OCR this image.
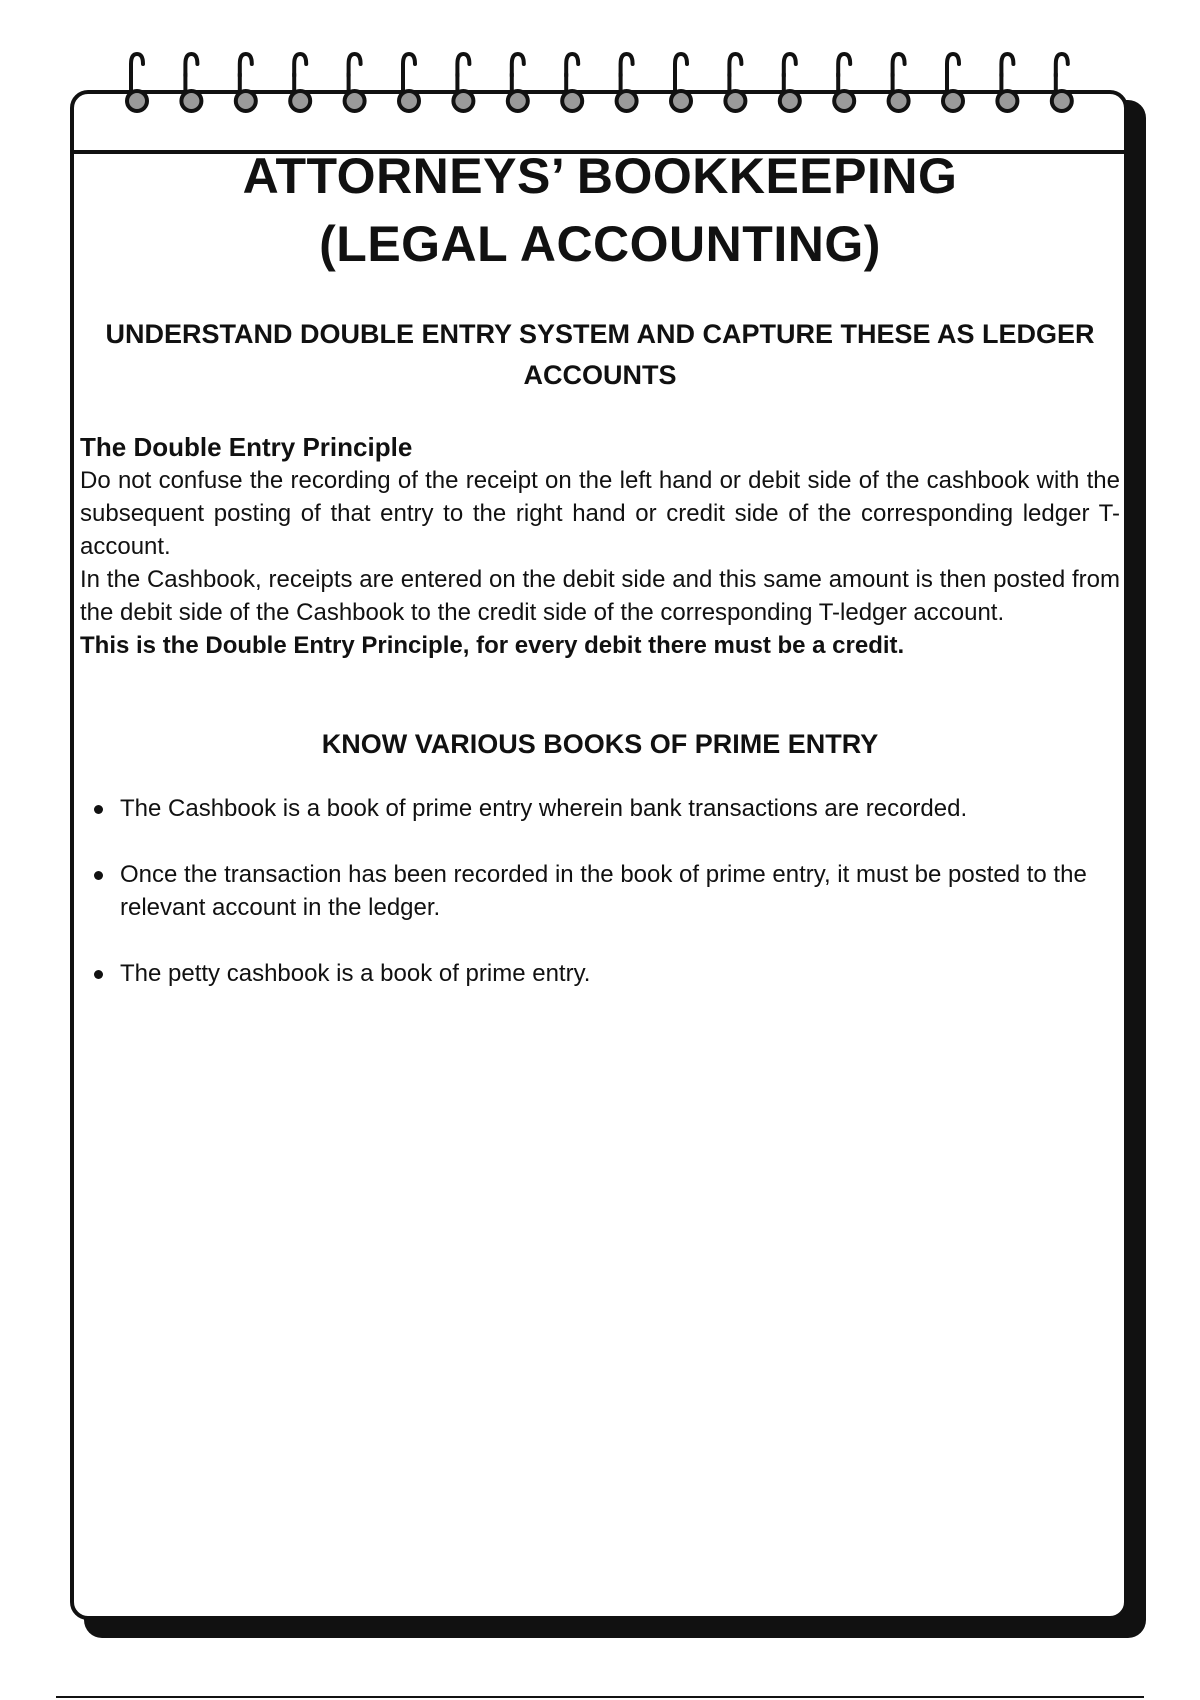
ATTORNEYS’ BOOKKEEPING
(LEGAL ACCOUNTING)
UNDERSTAND DOUBLE ENTRY SYSTEM AND CAPTURE THESE AS LEDGER ACCOUNTS
The Double Entry Principle

Do not confuse the recording of the receipt on the left hand or debit side of the cashbook with the subsequent posting of that entry to the right hand or credit side of the corresponding ledger T-account.

In the Cashbook, receipts are entered on the debit side and this same amount is then posted from the debit side of the Cashbook to the credit side of the corresponding T-ledger account.

This is the Double Entry Principle, for every debit there must be a credit.

KNOW VARIOUS BOOKS OF PRIME ENTRY
The Cashbook is a book of prime entry wherein bank transactions are recorded.
Once the transaction has been recorded in the book of prime entry, it must be posted to the relevant account in the ledger.
The petty cashbook is a book of prime entry.
